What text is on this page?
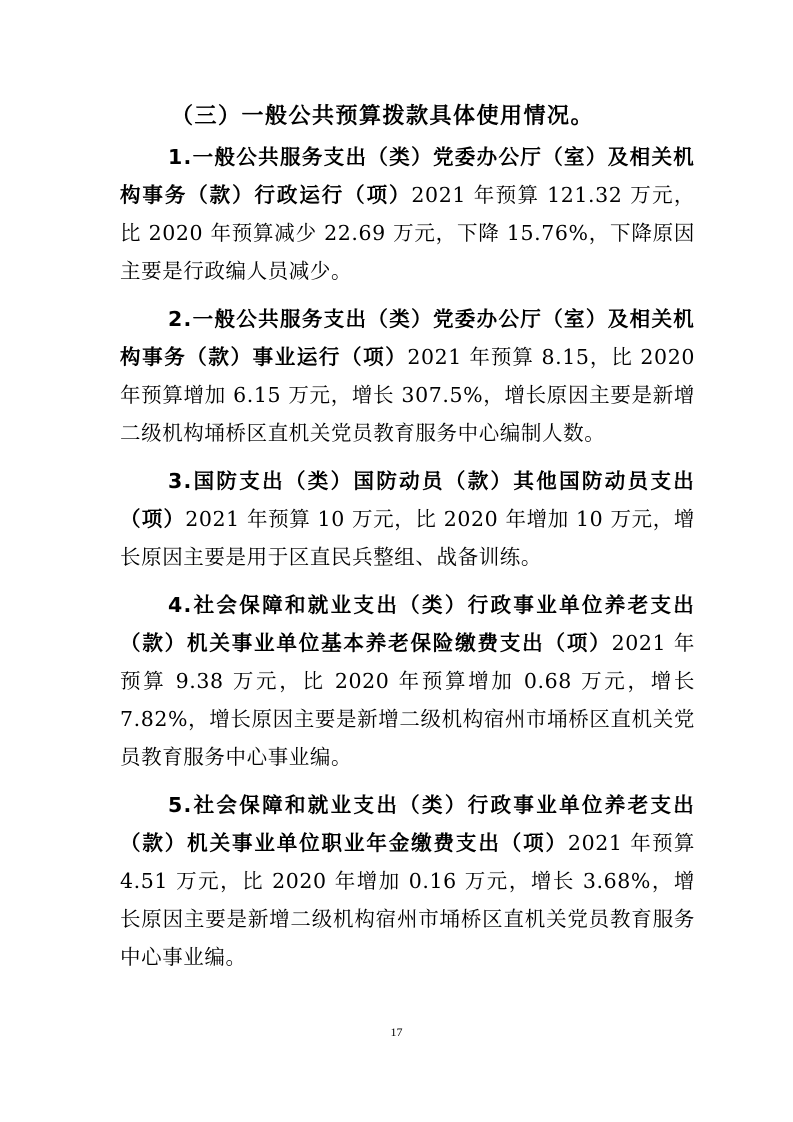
（三）一般公共预算拨款具体使用情况。

1.一般公共服务支出（类）党委办公厅（室）及相关机构事务（款）行政运行（项）2021 年预算 121.32 万元，比 2020 年预算减少 22.69 万元，下降 15.76%，下降原因主要是行政编人员减少。

2.一般公共服务支出（类）党委办公厅（室）及相关机构事务（款）事业运行（项）2021 年预算 8.15，比 2020 年预算增加 6.15 万元，增长 307.5%，增长原因主要是新增二级机构埇桥区直机关党员教育服务中心编制人数。

3.国防支出（类）国防动员（款）其他国防动员支出（项）2021 年预算 10 万元，比 2020 年增加 10 万元，增长原因主要是用于区直民兵整组、战备训练。

4.社会保障和就业支出（类）行政事业单位养老支出（款）机关事业单位基本养老保险缴费支出（项）2021 年预算 9.38 万元，比 2020 年预算增加 0.68 万元，增长 7.82%，增长原因主要是新增二级机构宿州市埇桥区直机关党员教育服务中心事业编。

5.社会保障和就业支出（类）行政事业单位养老支出（款）机关事业单位职业年金缴费支出（项）2021 年预算 4.51 万元，比 2020 年增加 0.16 万元，增长 3.68%，增长原因主要是新增二级机构宿州市埇桥区直机关党员教育服务中心事业编。

17
